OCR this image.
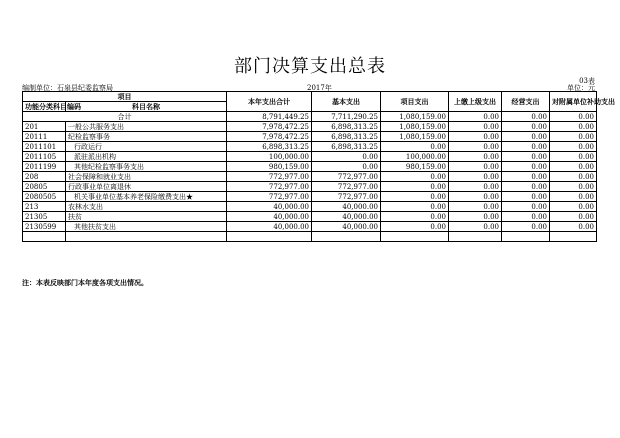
部门决算支出总表
03表
编制单位：石泉县纪委监察局	2017年	单位：元
项目		本年支出合计	基本支出	项目支出	上缴上级支出	经营支出	对附属单位补助支出
功能分类科目编码	科目名称						
合计		8,791,449.25	7,711,290.25	1,080,159.00	0.00	0.00	0.00
201	一般公共服务支出	7,978,472.25	6,898,313.25	1,080,159.00	0.00	0.00	0.00
20111	纪检监察事务	7,978,472.25	6,898,313.25	1,080,159.00	0.00	0.00	0.00
2011101	行政运行	6,898,313.25	6,898,313.25	0.00	0.00	0.00	0.00
2011105	派驻派出机构	100,000.00	0.00	100,000.00	0.00	0.00	0.00
2011199	其他纪检监察事务支出	980,159.00	0.00	980,159.00	0.00	0.00	0.00
208	社会保障和就业支出	772,977.00	772,977.00	0.00	0.00	0.00	0.00
20805	行政事业单位离退休	772,977.00	772,977.00	0.00	0.00	0.00	0.00
2080505	机关事业单位基本养老保险缴费支出★	772,977.00	772,977.00	0.00	0.00	0.00	0.00
213	农林水支出	40,000.00	40,000.00	0.00	0.00	0.00	0.00
21305	扶贫	40,000.00	40,000.00	0.00	0.00	0.00	0.00
2130599	其他扶贫支出	40,000.00	40,000.00	0.00	0.00	0.00	0.00

注：本表反映部门本年度各项支出情况。
